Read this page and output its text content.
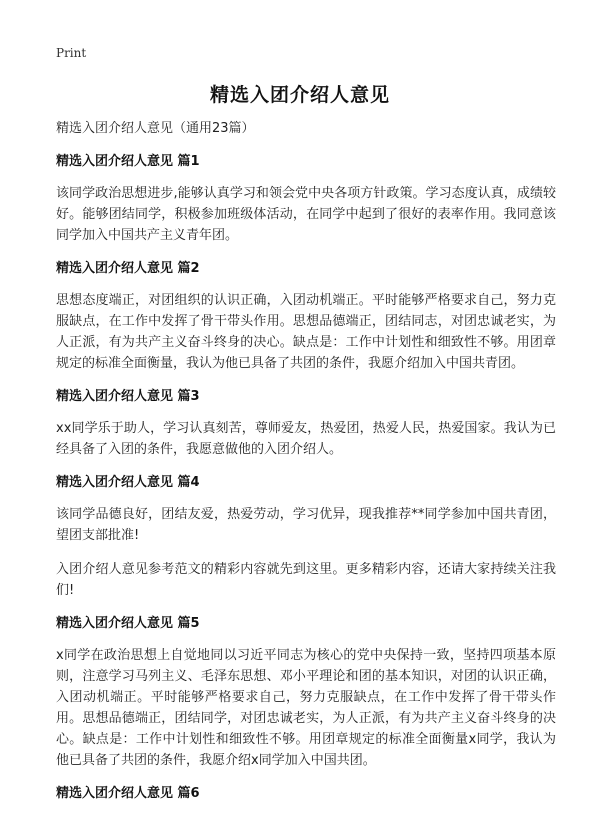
Print
精选入团介绍人意见

精选入团介绍人意见（通用23篇）

精选入团介绍人意见 篇1

该同学政治思想进步,能够认真学习和领会党中央各项方针政策。学习态度认真，成绩较好。能够团结同学，积极参加班级体活动，在同学中起到了很好的表率作用。我同意该同学加入中国共产主义青年团。

精选入团介绍人意见 篇2

思想态度端正，对团组织的认识正确，入团动机端正。平时能够严格要求自己，努力克服缺点，在工作中发挥了骨干带头作用。思想品德端正，团结同志，对团忠诚老实，为人正派，有为共产主义奋斗终身的决心。缺点是：工作中计划性和细致性不够。用团章规定的标准全面衡量，我认为他已具备了共团的条件，我愿介绍加入中国共青团。

精选入团介绍人意见 篇3

xx同学乐于助人，学习认真刻苦，尊师爱友，热爱团，热爱人民，热爱国家。我认为已经具备了入团的条件，我愿意做他的入团介绍人。

精选入团介绍人意见 篇4

该同学品德良好，团结友爱，热爱劳动，学习优异，现我推荐**同学参加中国共青团，望团支部批准!

入团介绍人意见参考范文的精彩内容就先到这里。更多精彩内容，还请大家持续关注我们!

精选入团介绍人意见 篇5

x同学在政治思想上自觉地同以习近平同志为核心的党中央保持一致，坚持四项基本原则，注意学习马列主义、毛泽东思想、邓小平理论和团的基本知识，对团的认识正确，入团动机端正。平时能够严格要求自己，努力克服缺点，在工作中发挥了骨干带头作用。思想品德端正，团结同学，对团忠诚老实，为人正派，有为共产主义奋斗终身的决心。缺点是：工作中计划性和细致性不够。用团章规定的标准全面衡量x同学，我认为他已具备了共团的条件，我愿介绍x同学加入中国共团。

精选入团介绍人意见 篇6
